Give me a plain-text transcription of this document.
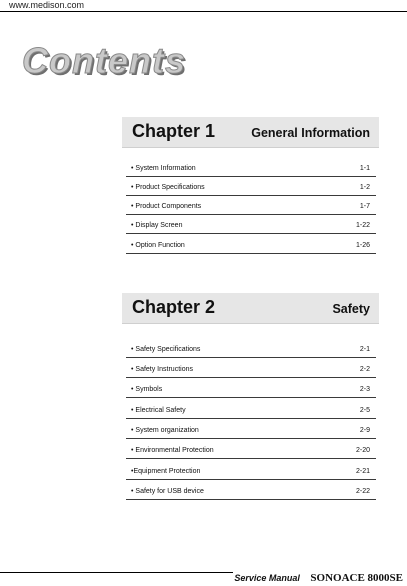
www.medison.com
Contents
Chapter 1	General Information
• System Information	1-1
• Product Specifications	1-2
• Product Components	1-7
• Display Screen	1-22
• Option Function	1-26
Chapter 2	Safety
• Safety Specifications	2-1
• Safety Instructions	2-2
• Symbols	2-3
• Electrical Safety	2-5
• System organization	2-9
• Environmental Protection	2-20
•Equipment Protection	2-21
• Safety for USB device	2-22
Service Manual SONOACE 8000SE
